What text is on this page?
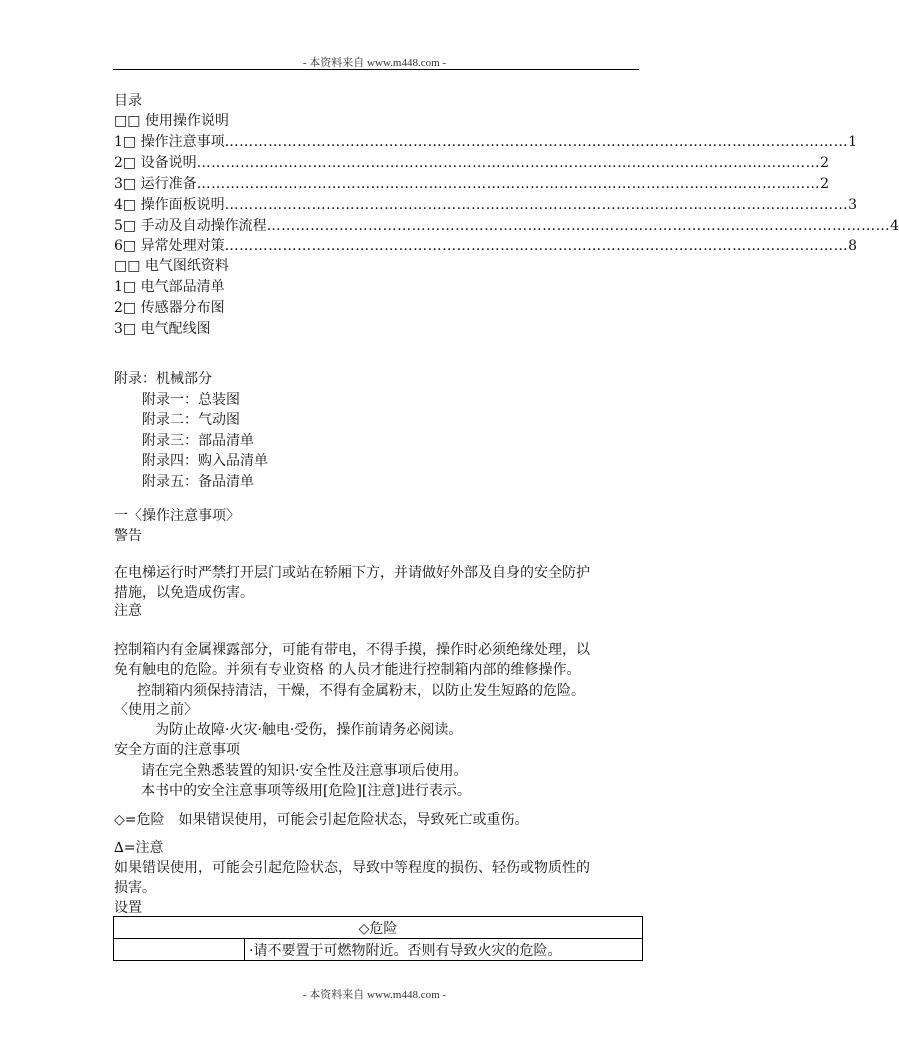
- 本资料来自 www.m448.com -
目录
□□ 使用操作说明
1□ 操作注意事项 ………………………………………………………………………………………………………………… 1
2□ 设备说明 ………………………………………………………………………………………………………………… 2
3□ 运行准备 ………………………………………………………………………………………………………………… 2
4□ 操作面板说明 ………………………………………………………………………………………………………………… 3
5□ 手动及自动操作流程 ………………………………………………………………………………………………………………… 4
6□ 异常处理对策 ………………………………………………………………………………………………………………… 8
□□ 电气图纸资料
1□ 电气部品清单
2□ 传感器分布图
3□ 电气配线图
附录：机械部分
附录一：总装图
附录二：气动图
附录三：部品清单
附录四：购入品清单
附录五：备品清单
一〈操作注意事项〉
警告
在电梯运行时严禁打开层门或站在轿厢下方，并请做好外部及自身的安全防护
措施，以免造成伤害。
注意
控制箱内有金属裸露部分，可能有带电，不得手摸，操作时必须绝缘处理，以
免有触电的危险。并须有专业资格 的人员才能进行控制箱内部的维修操作。
控制箱内须保持清洁，干燥，不得有金属粉末，以防止发生短路的危险。
〈使用之前〉
为防止故障·火灾·触电·受伤，操作前请务必阅读。
安全方面的注意事项
请在完全熟悉装置的知识·安全性及注意事项后使用。
本书中的安全注意事项等级用[危险][注意]进行表示。
◇=危险　如果错误使用，可能会引起危险状态，导致死亡或重伤。
∆=注意
如果错误使用，可能会引起危险状态，导致中等程度的损伤、轻伤或物质性的
损害。
设置
◇危险
	·请不要置于可燃物附近。否则有导致火灾的危险。
- 本资料来自 www.m448.com -
